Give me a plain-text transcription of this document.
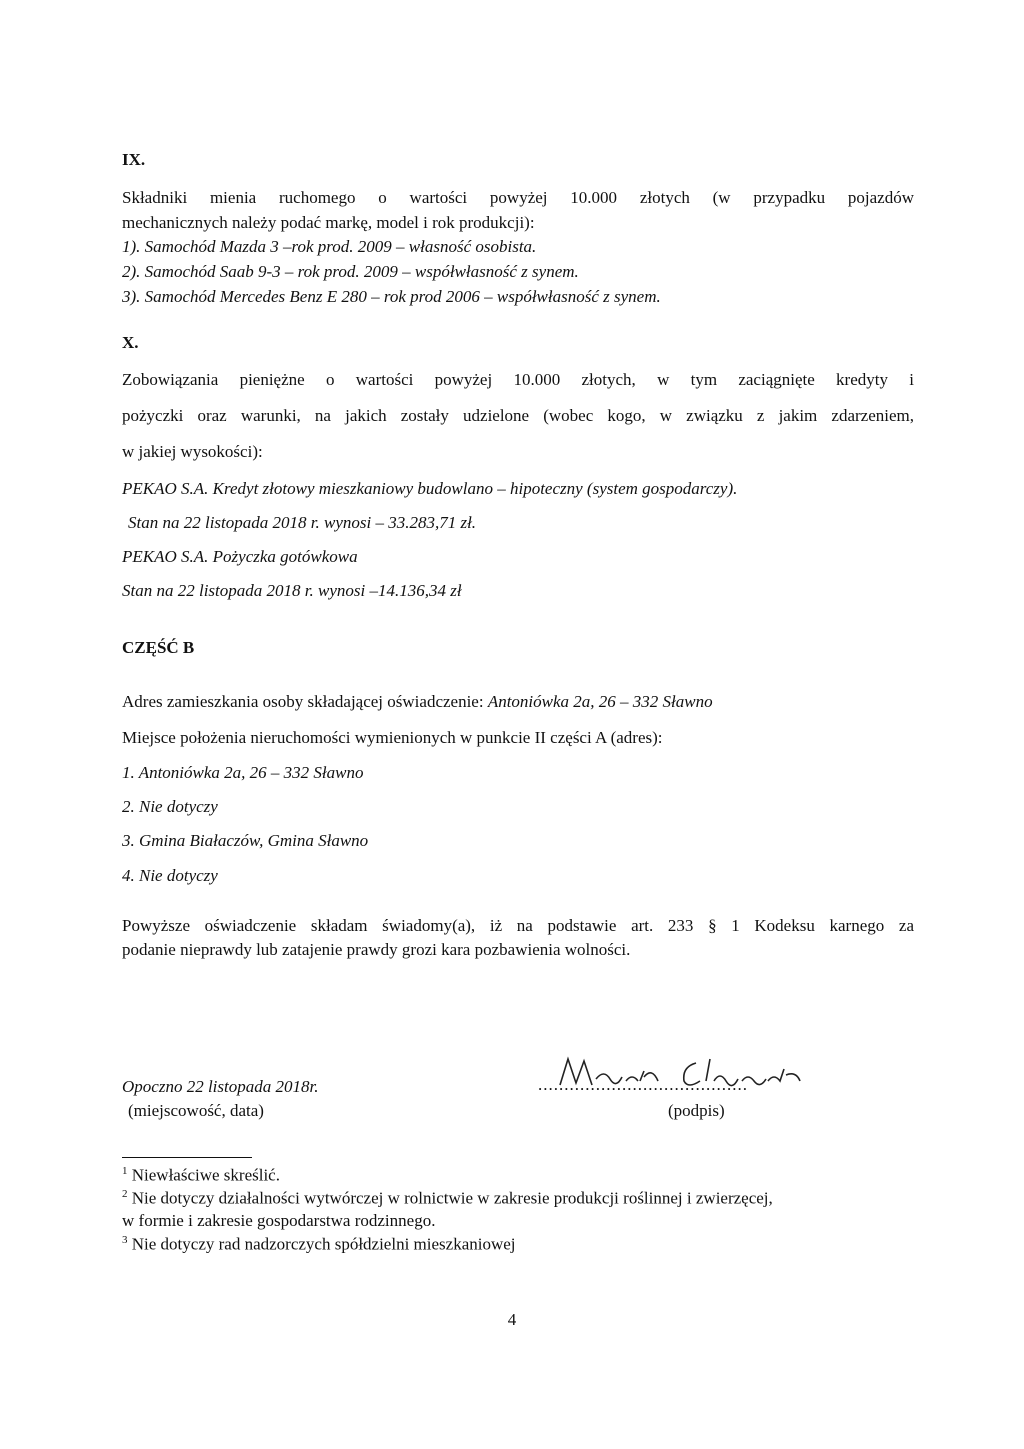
IX.
Składniki mienia ruchomego o wartości powyżej 10.000 złotych (w przypadku pojazdów
mechanicznych należy podać markę, model i rok produkcji):
1). Samochód Mazda 3 –rok prod. 2009 – własność osobista.
2). Samochód Saab 9-3 – rok prod. 2009 – współwłasność z synem.
3). Samochód Mercedes Benz E 280 – rok prod 2006 – współwłasność z synem.
X.
Zobowiązania pieniężne o wartości powyżej 10.000 złotych, w tym zaciągnięte kredyty i
pożyczki oraz warunki, na jakich zostały udzielone (wobec kogo, w związku z jakim zdarzeniem,
w jakiej wysokości):
PEKAO S.A. Kredyt złotowy mieszkaniowy budowlano – hipoteczny (system gospodarczy).
Stan na 22 listopada 2018 r. wynosi – 33.283,71 zł.
PEKAO S.A. Pożyczka gotówkowa
Stan na 22 listopada 2018 r. wynosi –14.136,34 zł
CZĘŚĆ B
Adres zamieszkania osoby składającej oświadczenie: Antoniówka 2a, 26 – 332 Sławno
Miejsce położenia nieruchomości wymienionych w punkcie II części A (adres):
1. Antoniówka 2a, 26 – 332 Sławno
2. Nie dotyczy
3. Gmina Białaczów, Gmina Sławno
4. Nie dotyczy
Powyższe oświadczenie składam świadomy(a), iż na podstawie art. 233 § 1 Kodeksu karnego za
podanie nieprawdy lub zatajenie prawdy grozi kara pozbawienia wolności.
Opoczno 22 listopada 2018r.
(miejscowość, data)
........................................
(podpis)
$^1$ Niewłaściwe skreślić.
$^2$ Nie dotyczy działalności wytwórczej w rolnictwie w zakresie produkcji roślinnej i zwierzęcej,
w formie i zakresie gospodarstwa rodzinnego.
$^3$ Nie dotyczy rad nadzorczych spółdzielni mieszkaniowej
4
